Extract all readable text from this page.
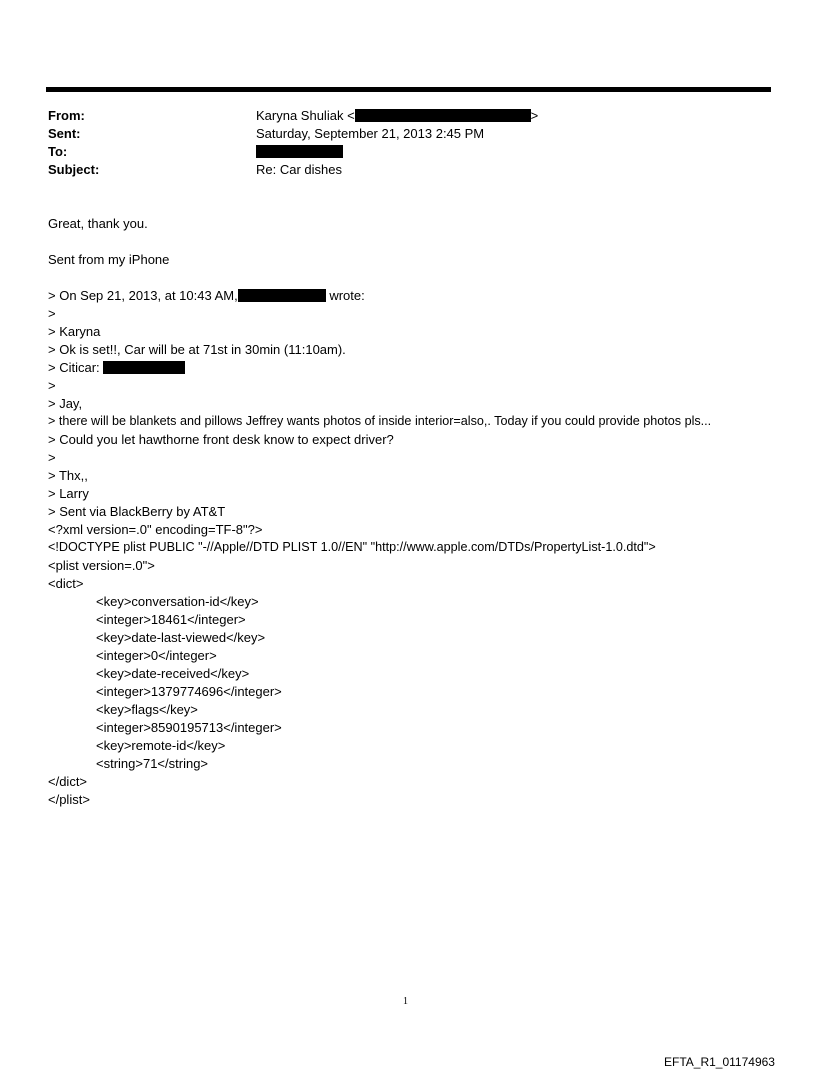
From:	Karyna Shuliak <	>
Sent:	Saturday, September 21, 2013 2:45 PM
To:
Subject:	Re: Car dishes
Great, thank you.
Sent from my iPhone
> On Sep 21, 2013, at 10:43 AM,	wrote:
>
> Karyna
> Ok is set!!, Car will be at 71st in 30min (11:10am).
> Citicar:
>
> Jay,
> there will be blankets and pillows Jeffrey wants photos of inside interior=also,. Today if you could provide photos pls...
> Could you let hawthorne front desk know to expect driver?
>
> Thx,,
> Larry
> Sent via BlackBerry by AT&T
<?xml version=.0" encoding=TF-8"?>
<!DOCTYPE plist PUBLIC "-//Apple//DTD PLIST 1.0//EN" "http://www.apple.com/DTDs/PropertyList-1.0.dtd">
<plist version=.0">
<dict>
<key>conversation-id</key>
<integer>18461</integer>
<key>date-last-viewed</key>
<integer>0</integer>
<key>date-received</key>
<integer>1379774696</integer>
<key>flags</key>
<integer>8590195713</integer>
<key>remote-id</key>
<string>71</string>
</dict>
</plist>
1
EFTA_R1_01174963
